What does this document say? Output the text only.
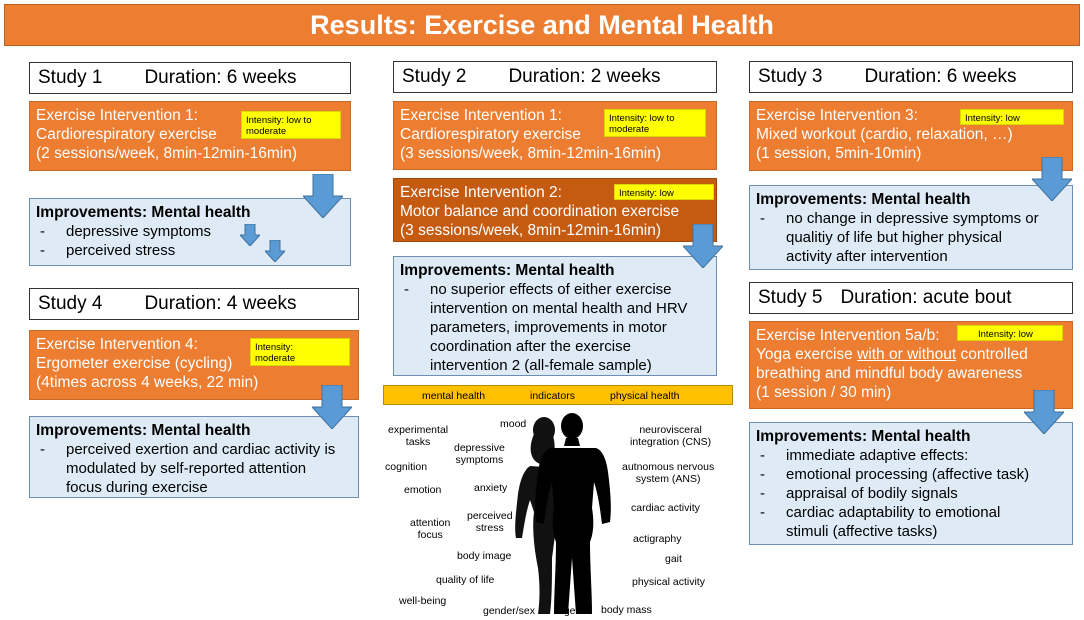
Results: Exercise and Mental Health
Study 1 Duration: 6 weeks
Exercise Intervention 1:
Cardiorespiratory exercise
(2 sessions/week, 8min-12min-16min)
Intensity: low to
moderate
Improvements: Mental health
- depressive symptoms
- perceived stress
Study 4 Duration: 4 weeks
Exercise Intervention 4:
Ergometer exercise (cycling)
(4times across 4 weeks, 22 min)
Intensity:
moderate
Improvements: Mental health
- perceived exertion and cardiac activity is
modulated by self-reported attention
focus during exercise
Study 2 Duration: 2 weeks
Exercise Intervention 1:
Cardiorespiratory exercise
(3 sessions/week, 8min-12min-16min)
Intensity: low to
moderate
Exercise Intervention 2:
Motor balance and coordination exercise
(3 sessions/week, 8min-12min-16min)
Intensity: low
Improvements: Mental health
- no superior effects of either exercise
intervention on mental health and HRV
parameters, improvements in motor
coordination after the exercise
intervention 2 (all-female sample)
mental health	indicators	physical health
experimental
tasks
mood
depressive
symptoms
cognition
emotion	anxiety
attention
focus
perceived
stress
body image
quality of life
well-being
gender/sex age body mass
neurovisceral
integration (CNS)
autnomous nervous
system (ANS)
cardiac activity
actigraphy
gait
physical activity
Study 3 Duration: 6 weeks
Exercise Intervention 3:
Mixed workout (cardio, relaxation, …)
(1 session, 5min-10min)
Intensity: low
Improvements: Mental health
- no change in depressive symptoms or
qualitiy of life but higher physical
activity after intervention
Study 5 Duration: acute bout
Exercise Intervention 5a/b:
Yoga exercise with or without controlled
breathing and mindful body awareness
(1 session / 30 min)
Intensity: low
Improvements: Mental health
- immediate adaptive effects:
- emotional processing (affective task)
- appraisal of bodily signals
- cardiac adaptability to emotional
stimuli (affective tasks)
